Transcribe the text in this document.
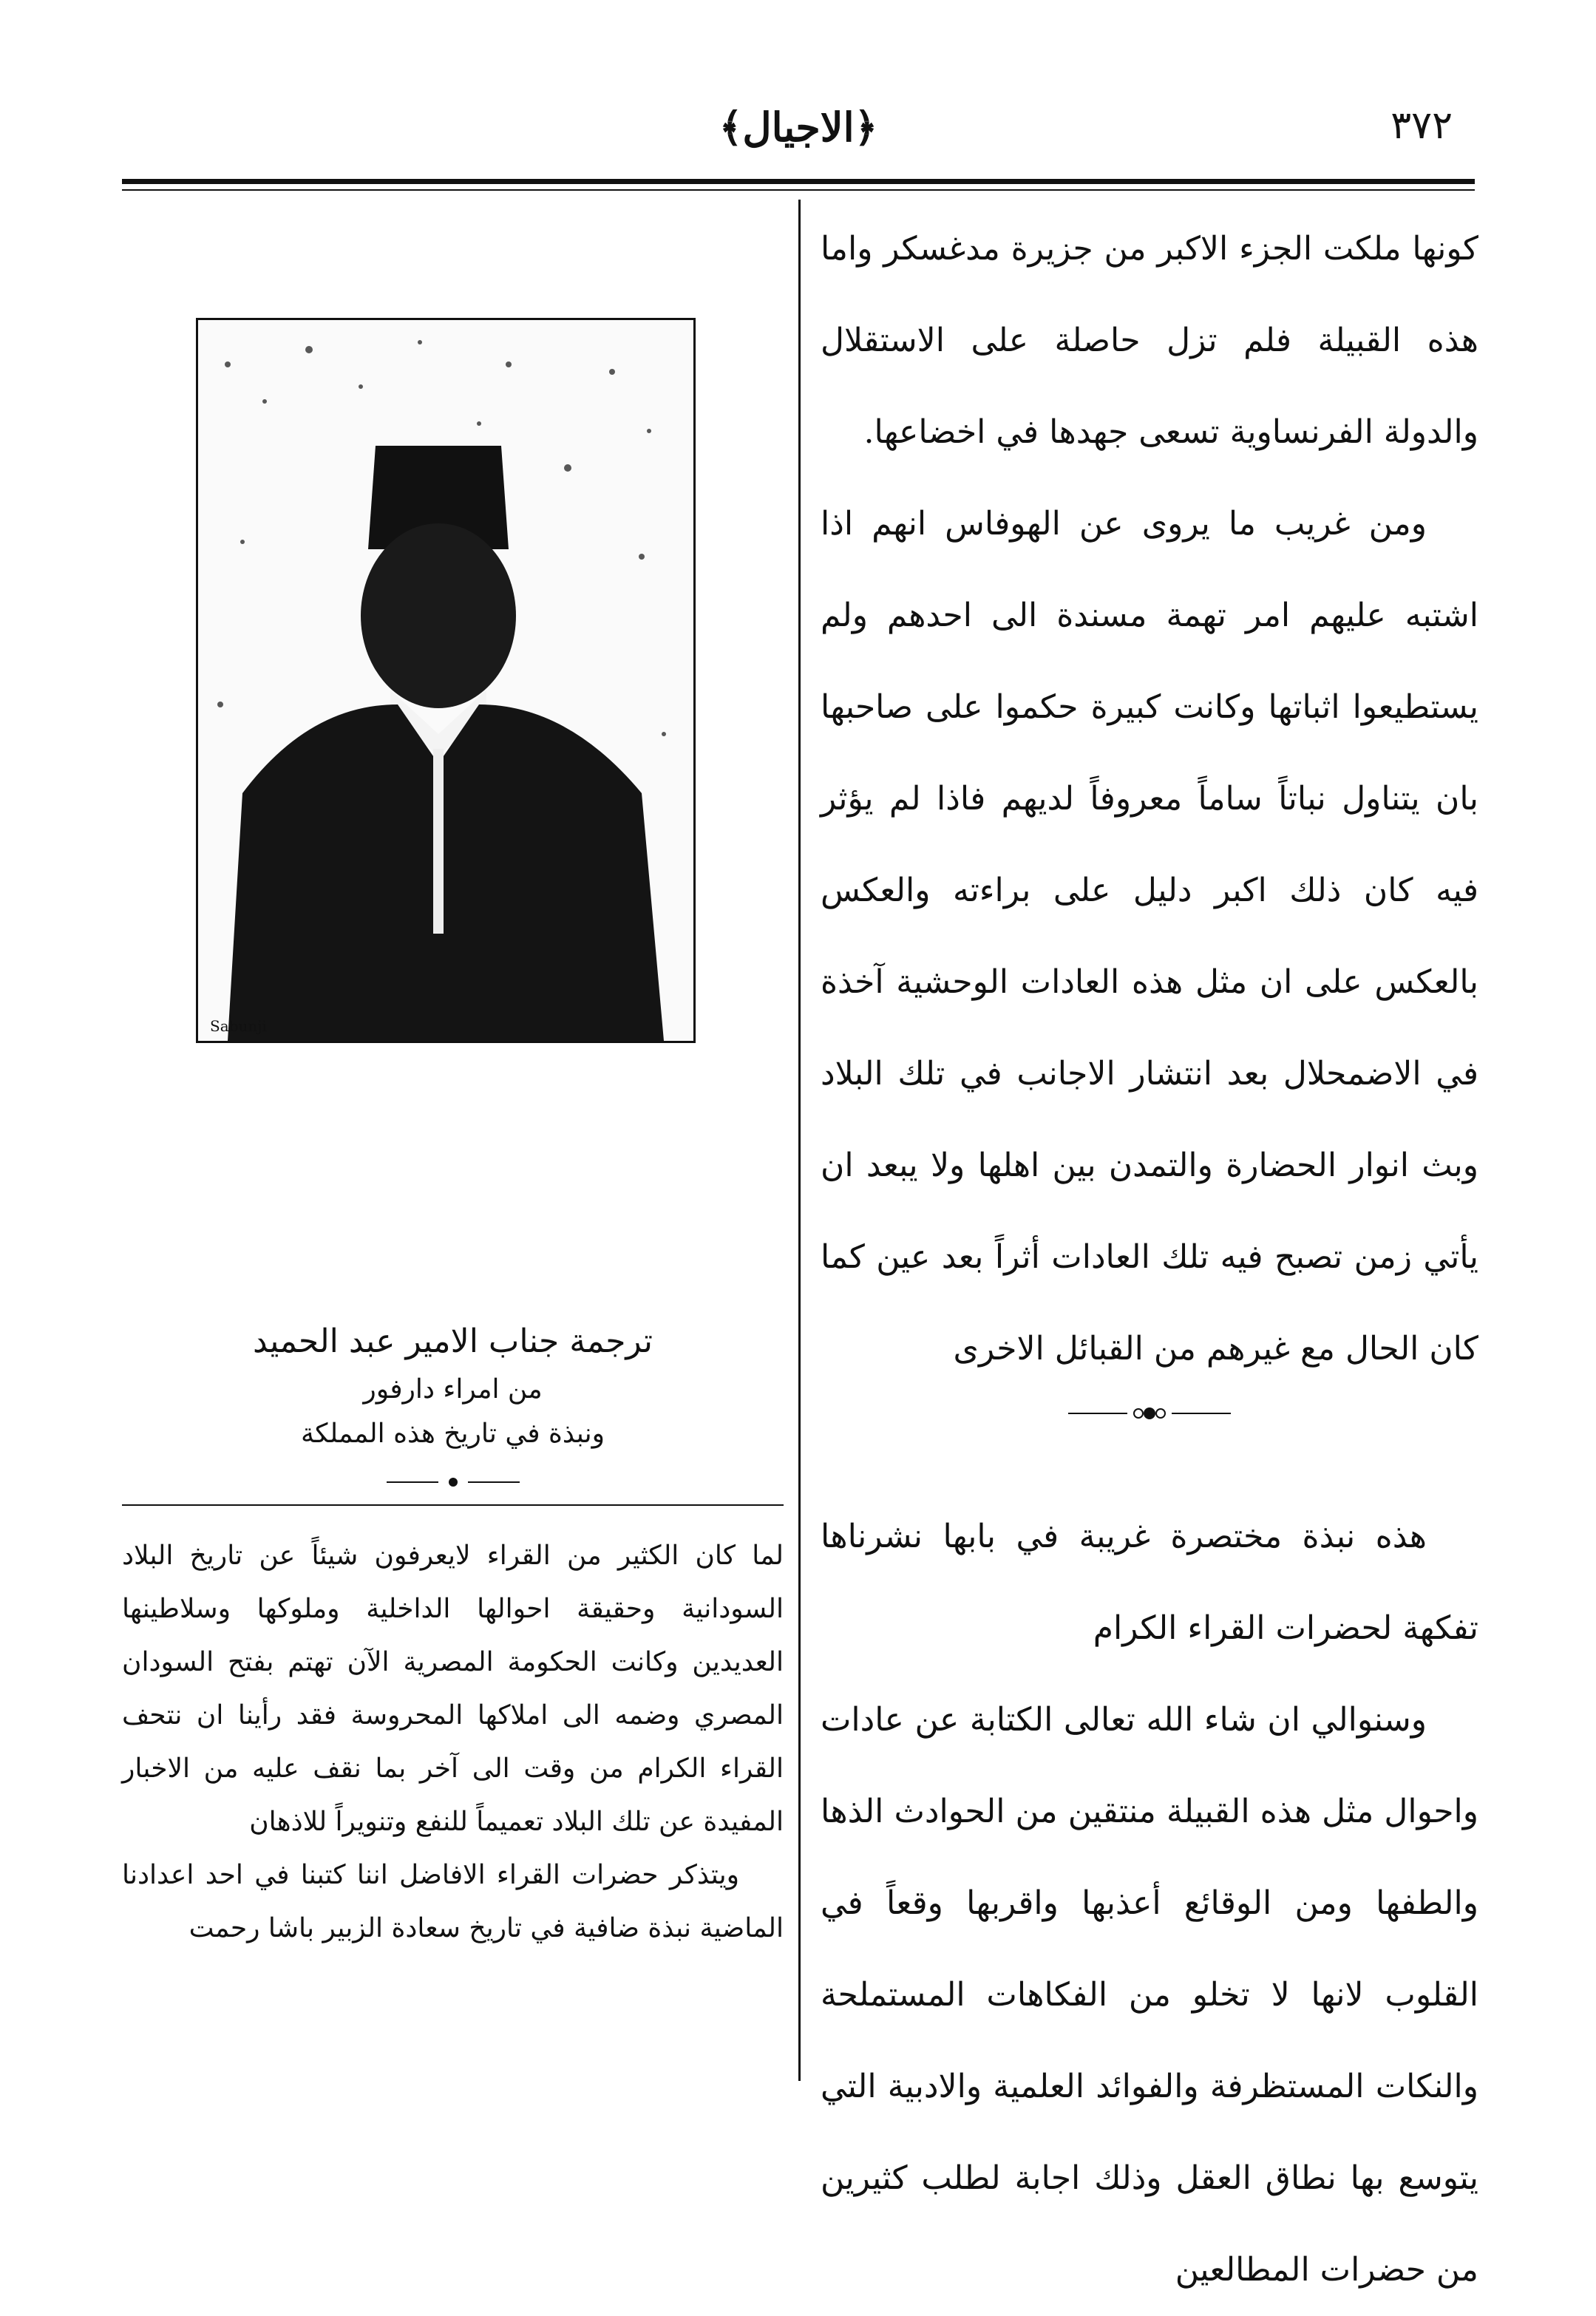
﴿الاجيال﴾	٣٧٢

كونها ملكت الجزء الاكبر من جزيرة مدغسكر واما هذه القبيلة فلم تزل حاصلة على الاستقلال والدولة الفرنساوية تسعى جهدها في اخضاعها.

ومن غريب ما يروى عن الهوفاس انهم اذا اشتبه عليهم امر تهمة مسندة الى احدهم ولم يستطيعوا اثباتها وكانت كبيرة حكموا على صاحبها بان يتناول نباتاً ساماً معروفاً لديهم فاذا لم يؤثر فيه كان ذلك اكبر دليل على براءته والعكس بالعكس على ان مثل هذه العادات الوحشية آخذة في الاضمحلال بعد انتشار الاجانب في تلك البلاد وبث انوار الحضارة والتمدن بين اهلها ولا يبعد ان يأتي زمن تصبح فيه تلك العادات أثراً بعد عين كما كان الحال مع غيرهم من القبائل الاخرى

هذه نبذة مختصرة غريبة في بابها نشرناها تفكهة لحضرات القراء الكرام

وسنوالي ان شاء الله تعالى الكتابة عن عادات واحوال مثل هذه القبيلة منتقين من الحوادث الذها والطفها ومن الوقائع أعذبها واقربها وقعاً في القلوب لانها لا تخلو من الفكاهات المستملحة والنكات المستظرفة والفوائد العلمية والادبية التي يتوسع بها نطاق العقل وذلك اجابة لطلب كثيرين من حضرات المطالعين

Sabunji

ترجمة جناب الامير عبد الحميد

من امراء دارفور

ونبذة في تاريخ هذه المملكة

لما كان الكثير من القراء لايعرفون شيئاً عن تاريخ البلاد السودانية وحقيقة احوالها الداخلية وملوكها وسلاطينها العديدين وكانت الحكومة المصرية الآن تهتم بفتح السودان المصري وضمه الى املاكها المحروسة فقد رأينا ان نتحف القراء الكرام من وقت الى آخر بما نقف عليه من الاخبار المفيدة عن تلك البلاد تعميماً للنفع وتنويراً للاذهان

ويتذكر حضرات القراء الافاضل اننا كتبنا في احد اعدادنا الماضية نبذة ضافية في تاريخ سعادة الزبير باشا رحمت
